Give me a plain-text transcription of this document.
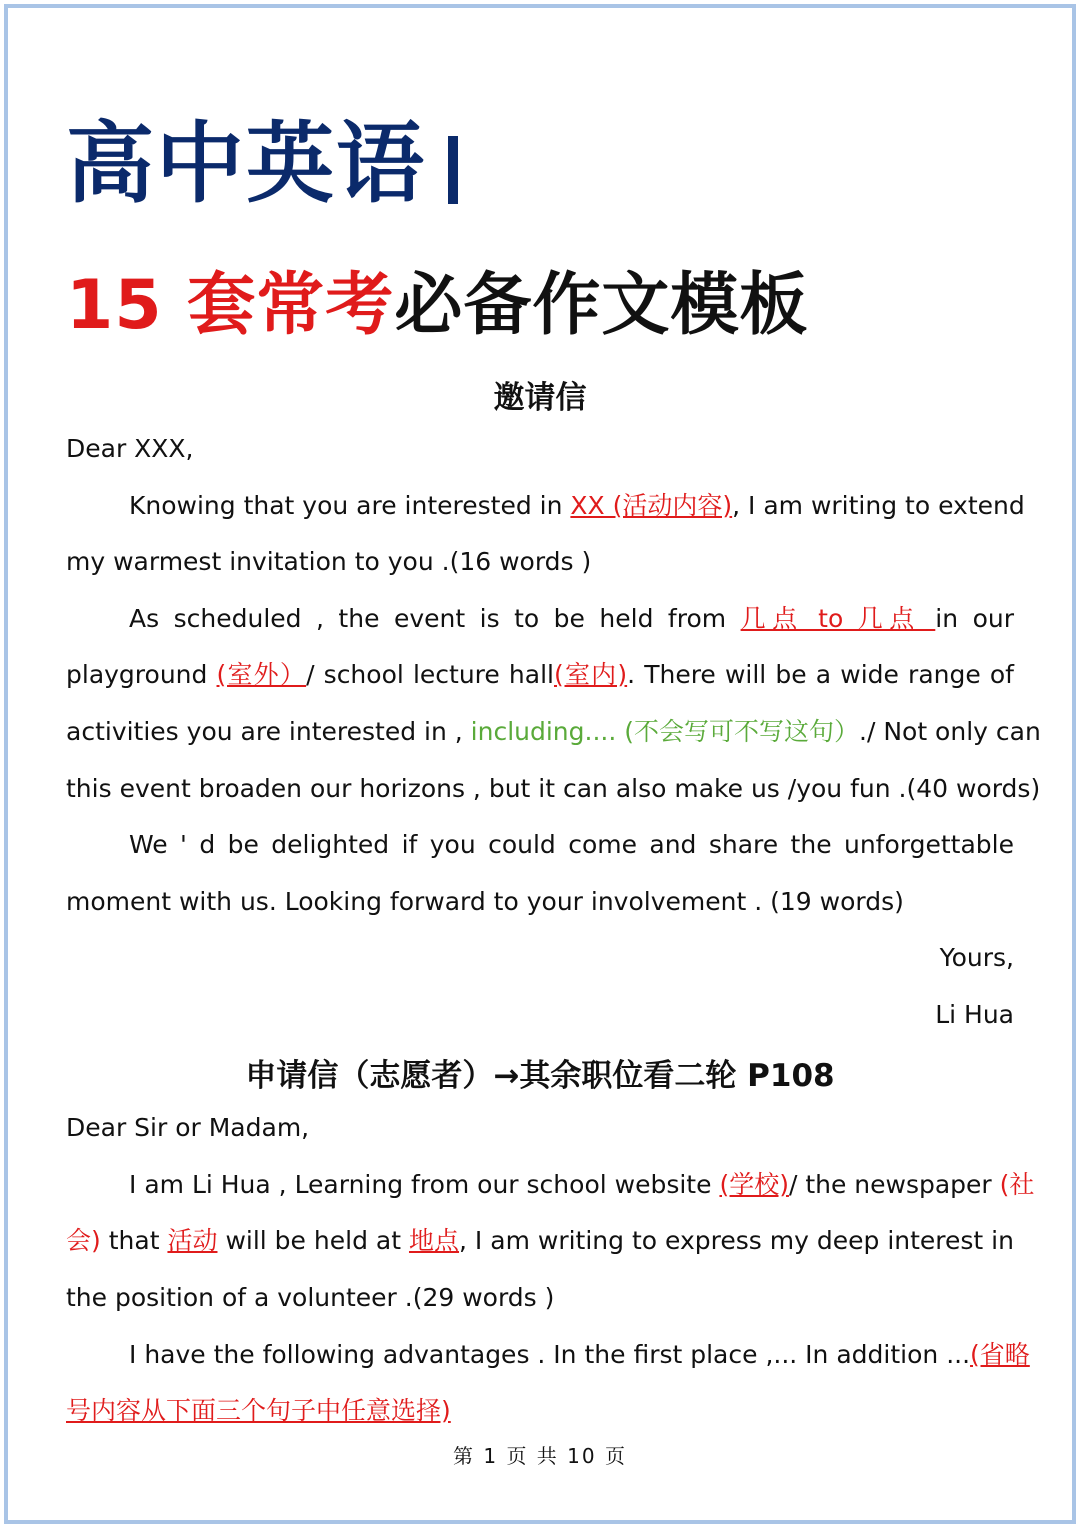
高中英语
15 套常考必备作文模板
邀请信
Dear XXX,
Knowing that you are interested in XX (活动内容), I am writing to extend
my warmest invitation to you .(16 words )
As scheduled , the event is to be held from 几点 to 几点 in our
playground (室外）/ school lecture hall(室内). There will be a wide range of
activities you are interested in , including.... (不会写可不写这句）./ Not only can
this event broaden our horizons , but it can also make us /you fun .(40 words)
We ' d be delighted if you could come and share the unforgettable
moment with us. Looking forward to your involvement . (19 words)
Yours,
Li Hua
申请信（志愿者）→其余职位看二轮 P108
Dear Sir or Madam,
I am Li Hua , Learning from our school website (学校)/ the newspaper (社
会) that 活动 will be held at 地点, I am writing to express my deep interest in
the position of a volunteer .(29 words )
I have the following advantages . In the first place ,... In addition ...(省略
号内容从下面三个句子中任意选择)
第 1 页 共 10 页
